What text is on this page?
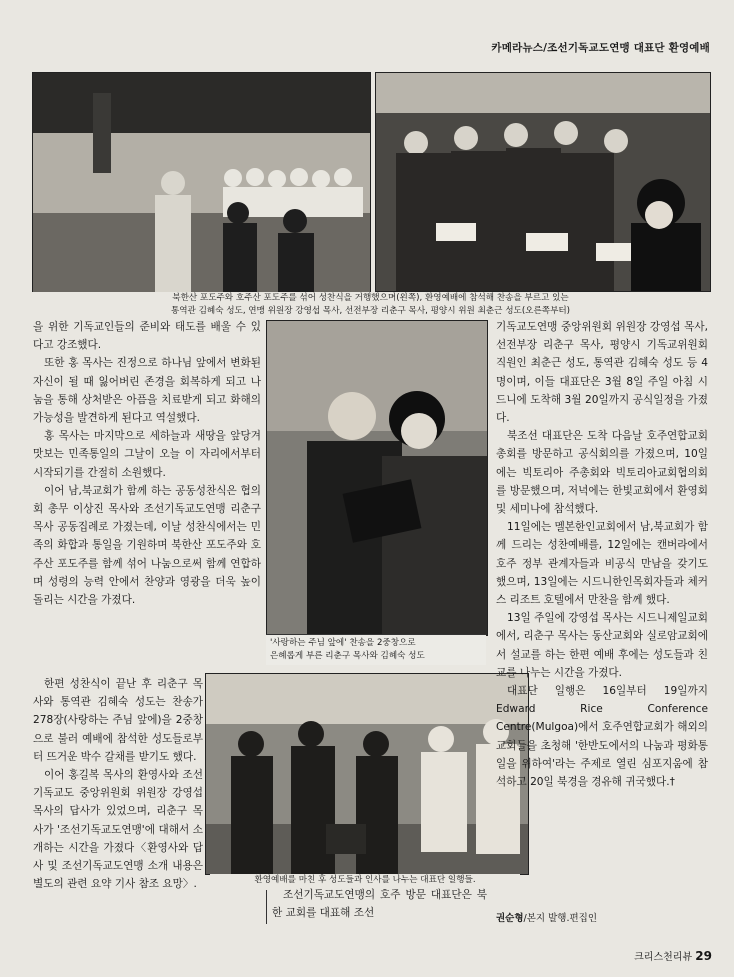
카메라뉴스/조선기독교도연맹 대표단 환영예배
북한산 포도주와 호주산 포도주를 섞어 성찬식을 거행했으며(왼쪽), 환영예배에 참석해 찬송을 부르고 있는
통역관 김혜숙 성도, 연맹 위원장 강영섭 목사, 선전부장 리춘구 목사, 평양시 위원 최춘근 성도(오른쪽부터)

을 위한 기독교인들의 준비와 태도를 배울 수 있다고 강조했다.

또한 홍 목사는 진정으로 하나님 앞에서 변화된 자신이 될 때 잃어버린 존경을 회복하게 되고 나눔을 통해 상처받은 아픔을 치료받게 되고 화해의 가능성을 발견하게 된다고 역설했다.

홍 목사는 마지막으로 세하늘과 새땅을 앞당겨 맛보는 민족통일의 그날이 오늘 이 자리에서부터 시작되기를 간절히 소원했다.

이어 남,북교회가 함께 하는 공동성찬식은 협의회 총무 이상진 목사와 조선기독교도연맹 리춘구 목사 공동집례로 가졌는데, 이날 성찬식에서는 민족의 화합과 통일을 기원하며 북한산 포도주와 호주산 포도주를 함께 섞어 나눔으로써 함께 연합하며 성령의 능력 안에서 찬양과 영광을 더욱 높이 돌리는 시간을 가졌다.

'사랑하는 주님 앞에' 찬송을 2중창으로
은혜롭게 부른 리춘구 목사와 김혜숙 성도

한편 성찬식이 끝난 후 리춘구 목사와 통역관 김혜숙 성도는 찬송가 278장(사랑하는 주님 앞에)을 2중창으로 불러 예배에 참석한 성도들로부터 뜨거운 박수 갈채를 받기도 했다.

이어 홍길복 목사의 환영사와 조선기독교도 중앙위원회 위원장 강영섭 목사의 답사가 있었으며, 리춘구 목사가 '조선기독교도연맹'에 대해서 소개하는 시간을 가졌다〈환영사와 답사 및 조선기독교도연맹 소개 내용은 별도의 관련 요약 기사 참조 요망〉.	환영예배를 마친 후 성도들과 인사를 나누는 대표단 일행들.

조선기독교도연맹의 호주 방문 대표단은 북한 교회를 대표해 조선

기독교도연맹 중앙위원회 위원장 강영섭 목사, 선전부장 리춘구 목사, 평양시 기독교위원회 직원인 최춘근 성도, 통역관 김혜숙 성도 등 4명이며, 이들 대표단은 3월 8일 주일 아침 시드니에 도착해 3월 20일까지 공식일정을 가졌다.

북조선 대표단은 도착 다음날 호주연합교회 총회를 방문하고 공식회의를 가졌으며, 10일에는 빅토리아 주총회와 빅토리아교회협의회를 방문했으며, 저녁에는 한빛교회에서 환영회 및 세미나에 참석했다.

11일에는 멜본한인교회에서 남,북교회가 함께 드리는 성찬예배를, 12일에는 캔버라에서 호주 정부 관계자들과 비공식 만남을 갖기도 했으며, 13일에는 시드니한인목회자들과 체커스 리조트 호텔에서 만찬을 함께 했다.

13일 주일에 강영섭 목사는 시드니제일교회에서, 리춘구 목사는 동산교회와 실로암교회에서 설교를 하는 한편 예배 후에는 성도들과 친교를 나누는 시간을 가졌다.

대표단 일행은 16일부터 19일까지 Edward Rice Conference Centre(Mulgoa)에서 호주연합교회가 해외의 교회들을 초청해 '한반도에서의 나눔과 평화통일을 위하여'라는 주제로 열린 심포지움에 참석하고 20일 북경을 경유해 귀국했다.†

권순형/본지 발행.편집인
크리스천리뷰 29
